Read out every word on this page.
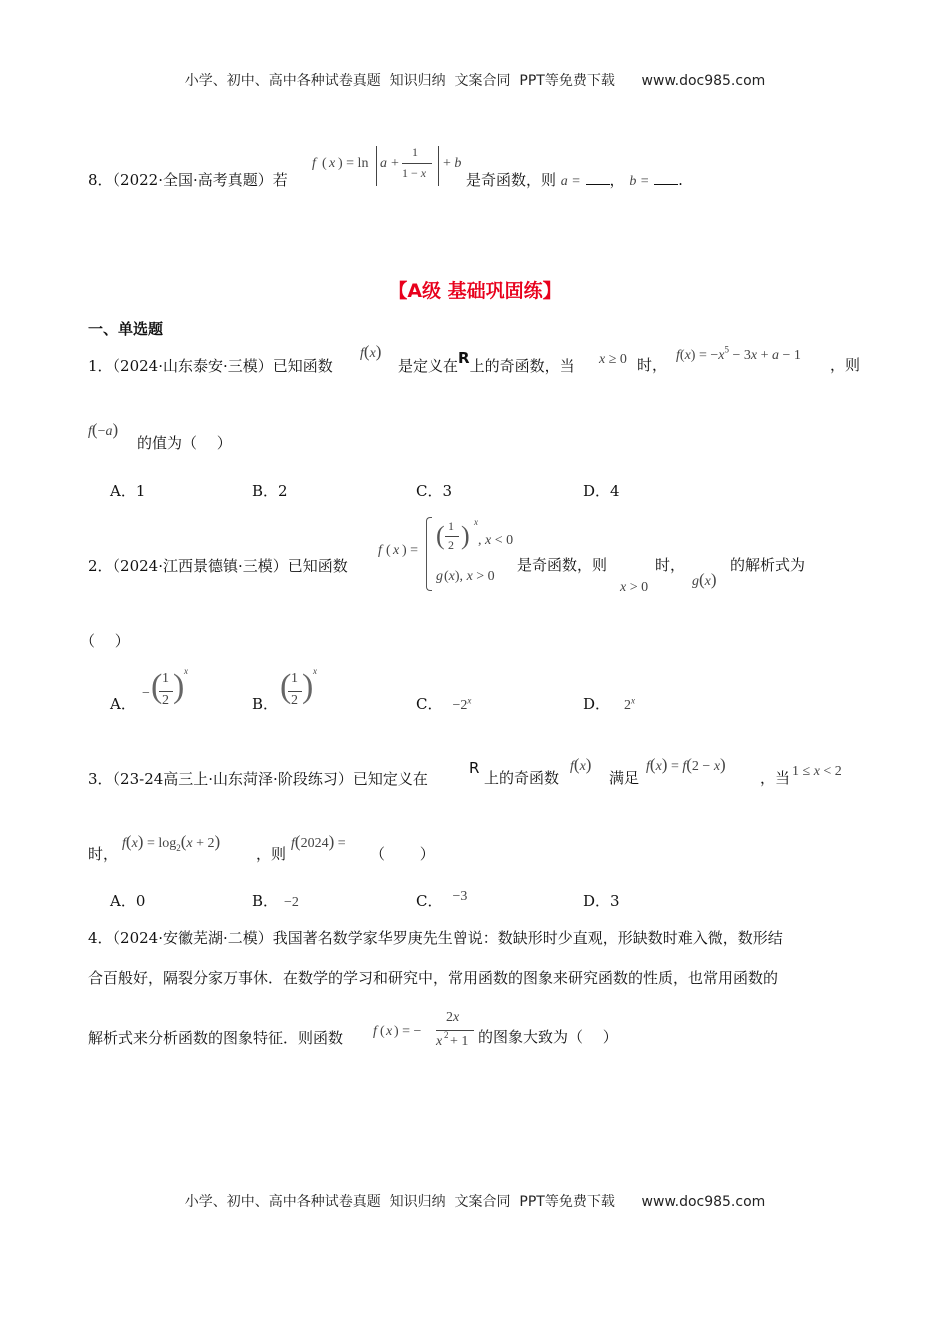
小学、初中、高中各种试卷真题  知识归纳  文案合同  PPT等免费下载 www.doc985.com
8．（2022·全国·高考真题）若
f ( x ) = ln a +
1
1 − x
+ b
是奇函数，则 a = ， b = .
【A级 基础巩固练】
一、单选题
1．（2024·山东泰安·三模）已知函数
f(x)
是定义在R上的奇函数，当 x ≥ 0 时，
$f(x) = -x^5 - 3x + a - 1$
，则
f(−a)
的值为（　 ）
A．1	B．2	C．3	D．4
2．（2024·江西景德镇·三模）已知函数
f ( x ) =
( 1
2 ) x
, x < 0
g (x), x > 0
是奇函数，则
x > 0
时，
g(x)
的解析式为
（　 ）
A．
− ( 1
2 ) x
B． ( 1
2 ) x
C． $-2^x$	D． 2$^x$
3．（23-24高三上·山东菏泽·阶段练习）已知定义在
R
上的奇函数
f(x)
满足
f(x) = f(2 − x)
，当 1 ≤ x < 2
时，
$f(x) = \log_2(x + 2)$
，则
f(2024) =
（　　 ）
A．0	B． −2	C． −3	D．3
4．（2024·安徽芜湖·二模）我国著名数学家华罗庚先生曾说：数缺形时少直观，形缺数时难入微，数形结
合百般好，隔裂分家万事休．在数学的学习和研究中，常用函数的图象来研究函数的性质，也常用函数的
解析式来分析函数的图象特征．则函数	f ( x ) = −
2x
x 2 + 1 的图象大致为（　 ）
小学、初中、高中各种试卷真题  知识归纳  文案合同  PPT等免费下载 www.doc985.com
